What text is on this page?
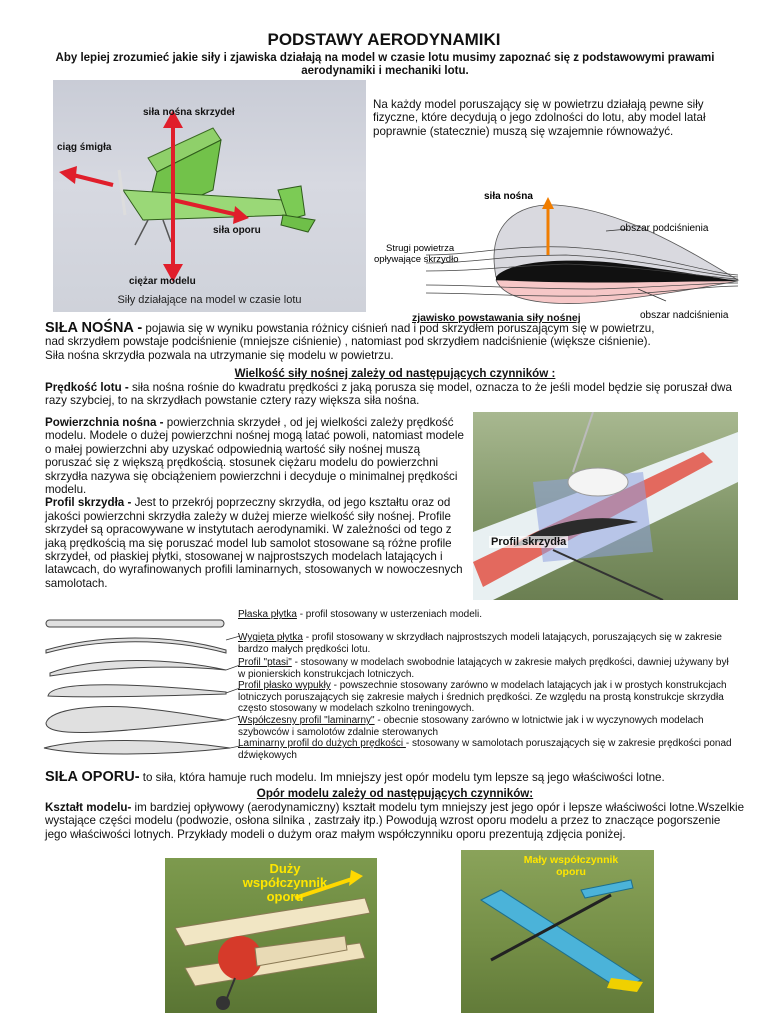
PODSTAWY AERODYNAMIKI
Aby lepiej zrozumieć jakie siły i zjawiska działają na model w czasie lotu musimy zapoznać się z podstawowymi prawami aerodynamiki i mechaniki lotu.
siła nośna skrzydeł
ciąg śmigła
siła oporu
ciężar modelu
Siły działające na model w czasie lotu
Na każdy model poruszający się w powietrzu działają pewne siły fizyczne, które decydują o jego zdolności do lotu, aby model latał poprawnie (statecznie) muszą się wzajemnie równoważyć.
siła nośna
obszar podciśnienia
Strugi powietrza
opływające skrzydło
obszar nadciśnienia
zjawisko powstawania siły nośnej
SIŁA NOŚNA - pojawia się w wyniku powstania różnicy ciśnień nad i pod skrzydłem poruszającym się w powietrzu,
nad skrzydłem powstaje podciśnienie (mniejsze ciśnienie) , natomiast pod skrzydłem nadciśnienie (większe ciśnienie).
Siła nośna skrzydła pozwala na utrzymanie się modelu w powietrzu.
Wielkość siły nośnej zależy od następujących czynników :
Prędkość lotu - siła nośna rośnie do kwadratu prędkości z jaką porusza się model, oznacza to że jeśli model będzie się poruszał dwa razy szybciej, to na skrzydłach powstanie cztery razy większa siła nośna.
Powierzchnia nośna - powierzchnia skrzydeł , od jej wielkości zależy prędkość modelu. Modele o dużej powierzchni nośnej mogą latać powoli, natomiast modele o małej powierzchni aby uzyskać odpowiednią wartość siły nośnej muszą poruszać się z większą prędkością. stosunek ciężaru modelu do powierzchni skrzydła nazywa się obciążeniem powierzchni i decyduje o minimalnej prędkości modelu.
Profil skrzydła - Jest to przekrój poprzeczny skrzydła, od jego kształtu oraz od jakości powierzchni skrzydła zależy w dużej mierze wielkość siły nośnej. Profile skrzydeł są opracowywane w instytutach aerodynamiki. W zależności od tego z jaką prędkością ma się poruszać model lub samolot stosowane są różne profile skrzydeł, od płaskiej płytki, stosowanej w najprostszych modelach latających i latawcach, do wyrafinowanych profili laminarnych, stosowanych w nowoczesnych samolotach.
Profil skrzydła
Płaska płytka - profil stosowany w usterzeniach modeli.
Wygięta płytka - profil stosowany w skrzydłach najprostszych modeli latających, poruszających się w zakresie bardzo małych prędkości lotu.
Profil "ptasi" - stosowany w modelach swobodnie latających w zakresie małych prędkości, dawniej używany był w pionierskich konstrukcjach lotniczych.
Profil płasko wypukły - powszechnie stosowany zarówno w modelach latających jak i w prostych konstrukcjach lotniczych poruszających się zakresie małych i średnich prędkości. Ze względu na prostą konstrukcje skrzydła często stosowany w modelach szkolno treningowych.
Współczesny profil "laminarny" - obecnie stosowany zarówno w lotnictwie jak i w wyczynowych modelach szybowców i samolotów zdalnie sterowanych
Laminarny profil do dużych prędkości - stosowany w samolotach poruszających się w zakresie prędkości ponad dźwiękowych
SIŁA OPORU- to siła, która hamuje ruch modelu. Im mniejszy jest opór modelu tym lepsze są jego właściwości lotne.
Opór modelu zależy od następujących czynników:
Kształt modelu- im bardziej opływowy (aerodynamiczny) kształt modelu tym mniejszy jest jego opór i lepsze właściwości lotne.Wszelkie wystające części modelu (podwozie, osłona silnika , zastrzały itp.) Powodują wzrost oporu modelu a przez to znaczące pogorszenie jego właściwości lotnych. Przykłady modeli o dużym oraz małym współczynniku oporu prezentują zdjęcia poniżej.
Duży współczynnik oporu
Mały współczynnik oporu
